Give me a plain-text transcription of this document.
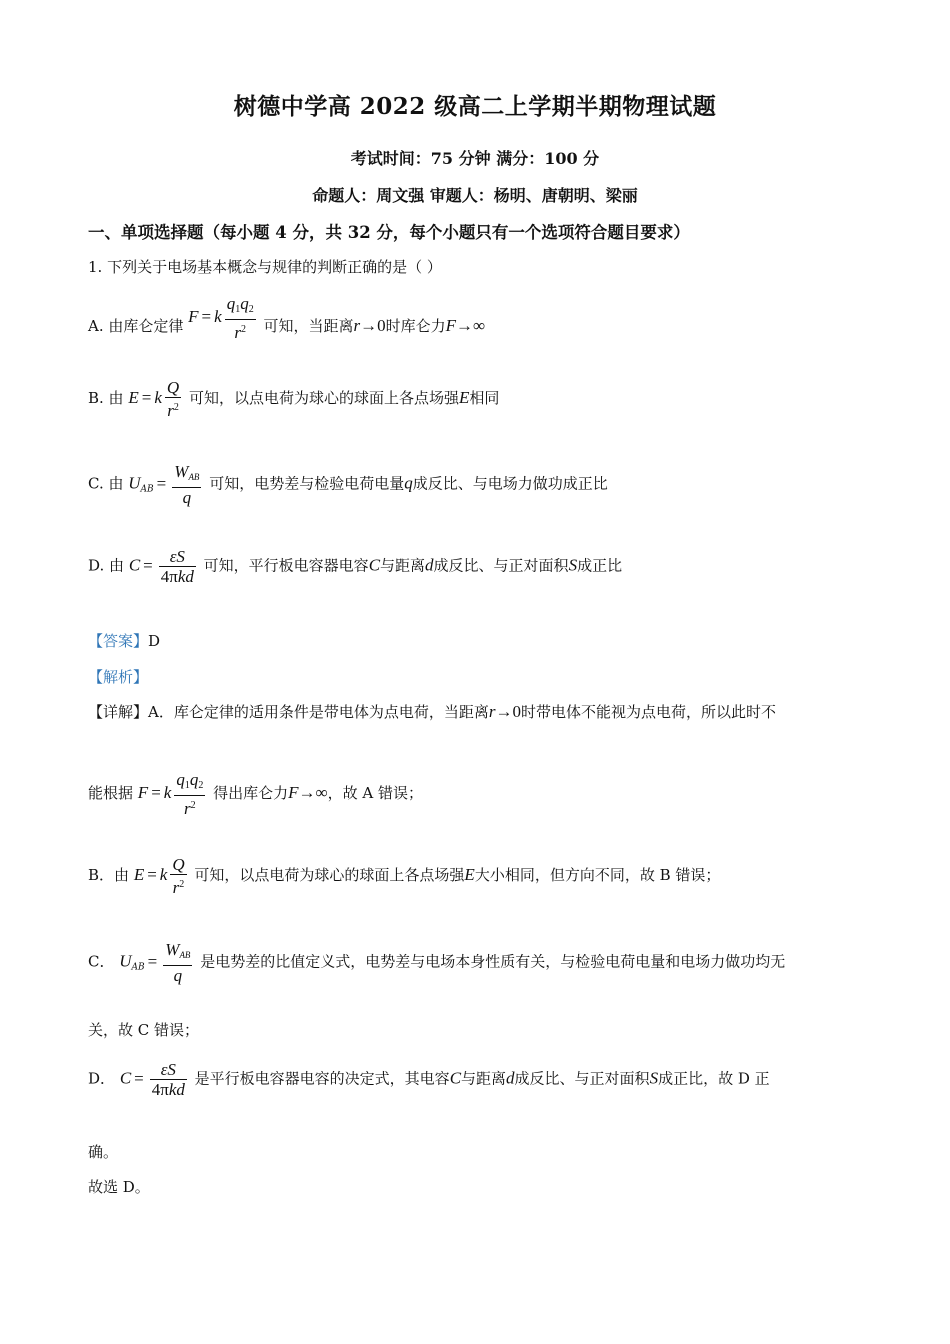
树德中学高 2022 级高二上学期半期物理试题
考试时间：75 分钟 满分：100 分
命题人：周文强 审题人：杨明、唐朝明、梁丽
一、单项选择题（每小题 4 分，共 32 分，每个小题只有一个选项符合题目要求）
1. 下列关于电场基本概念与规律的判断正确的是（ ）
A. 由库仑定律 F = k $\frac{q1q2}{r^2}$ 可知，当距离r→0时库仑力F→∞
B. 由 E = k $\frac{Q}{r^2}$ 可知，以点电荷为球心的球面上各点场强E相同
C. 由 $U_{AB} = \frac{\text{WAB}}{q}$ 可知，电势差与检验电荷电量q成反比、与电场力做功成正比
D. 由 $C = \frac{\varepsilon S}{\text{4πkd}}$ 可知，平行板电容器电容C与距离d成反比、与正对面积S成正比
【答案】D
【解析】
【详解】A．库仑定律的适用条件是带电体为点电荷，当距离r→0时带电体不能视为点电荷，所以此时不
能根据 F = k $\frac{q1q2}{r^2}$ 得出库仑力F→∞，故 A 错误；
B．由 E = k $\frac{Q}{r^2}$ 可知，以点电荷为球心的球面上各点场强E大小相同，但方向不同，故 B 错误；
C． $U_{AB} = \frac{\text{WAB}}{q}$ 是电势差的比值定义式，电势差与电场本身性质有关，与检验电荷电量和电场力做功均无
关，故 C 错误；
D． $C = \frac{\varepsilon S}{\text{4πkd}}$ 是平行板电容器电容的决定式，其电容C与距离d成反比、与正对面积S成正比，故 D 正
确。
故选 D。
